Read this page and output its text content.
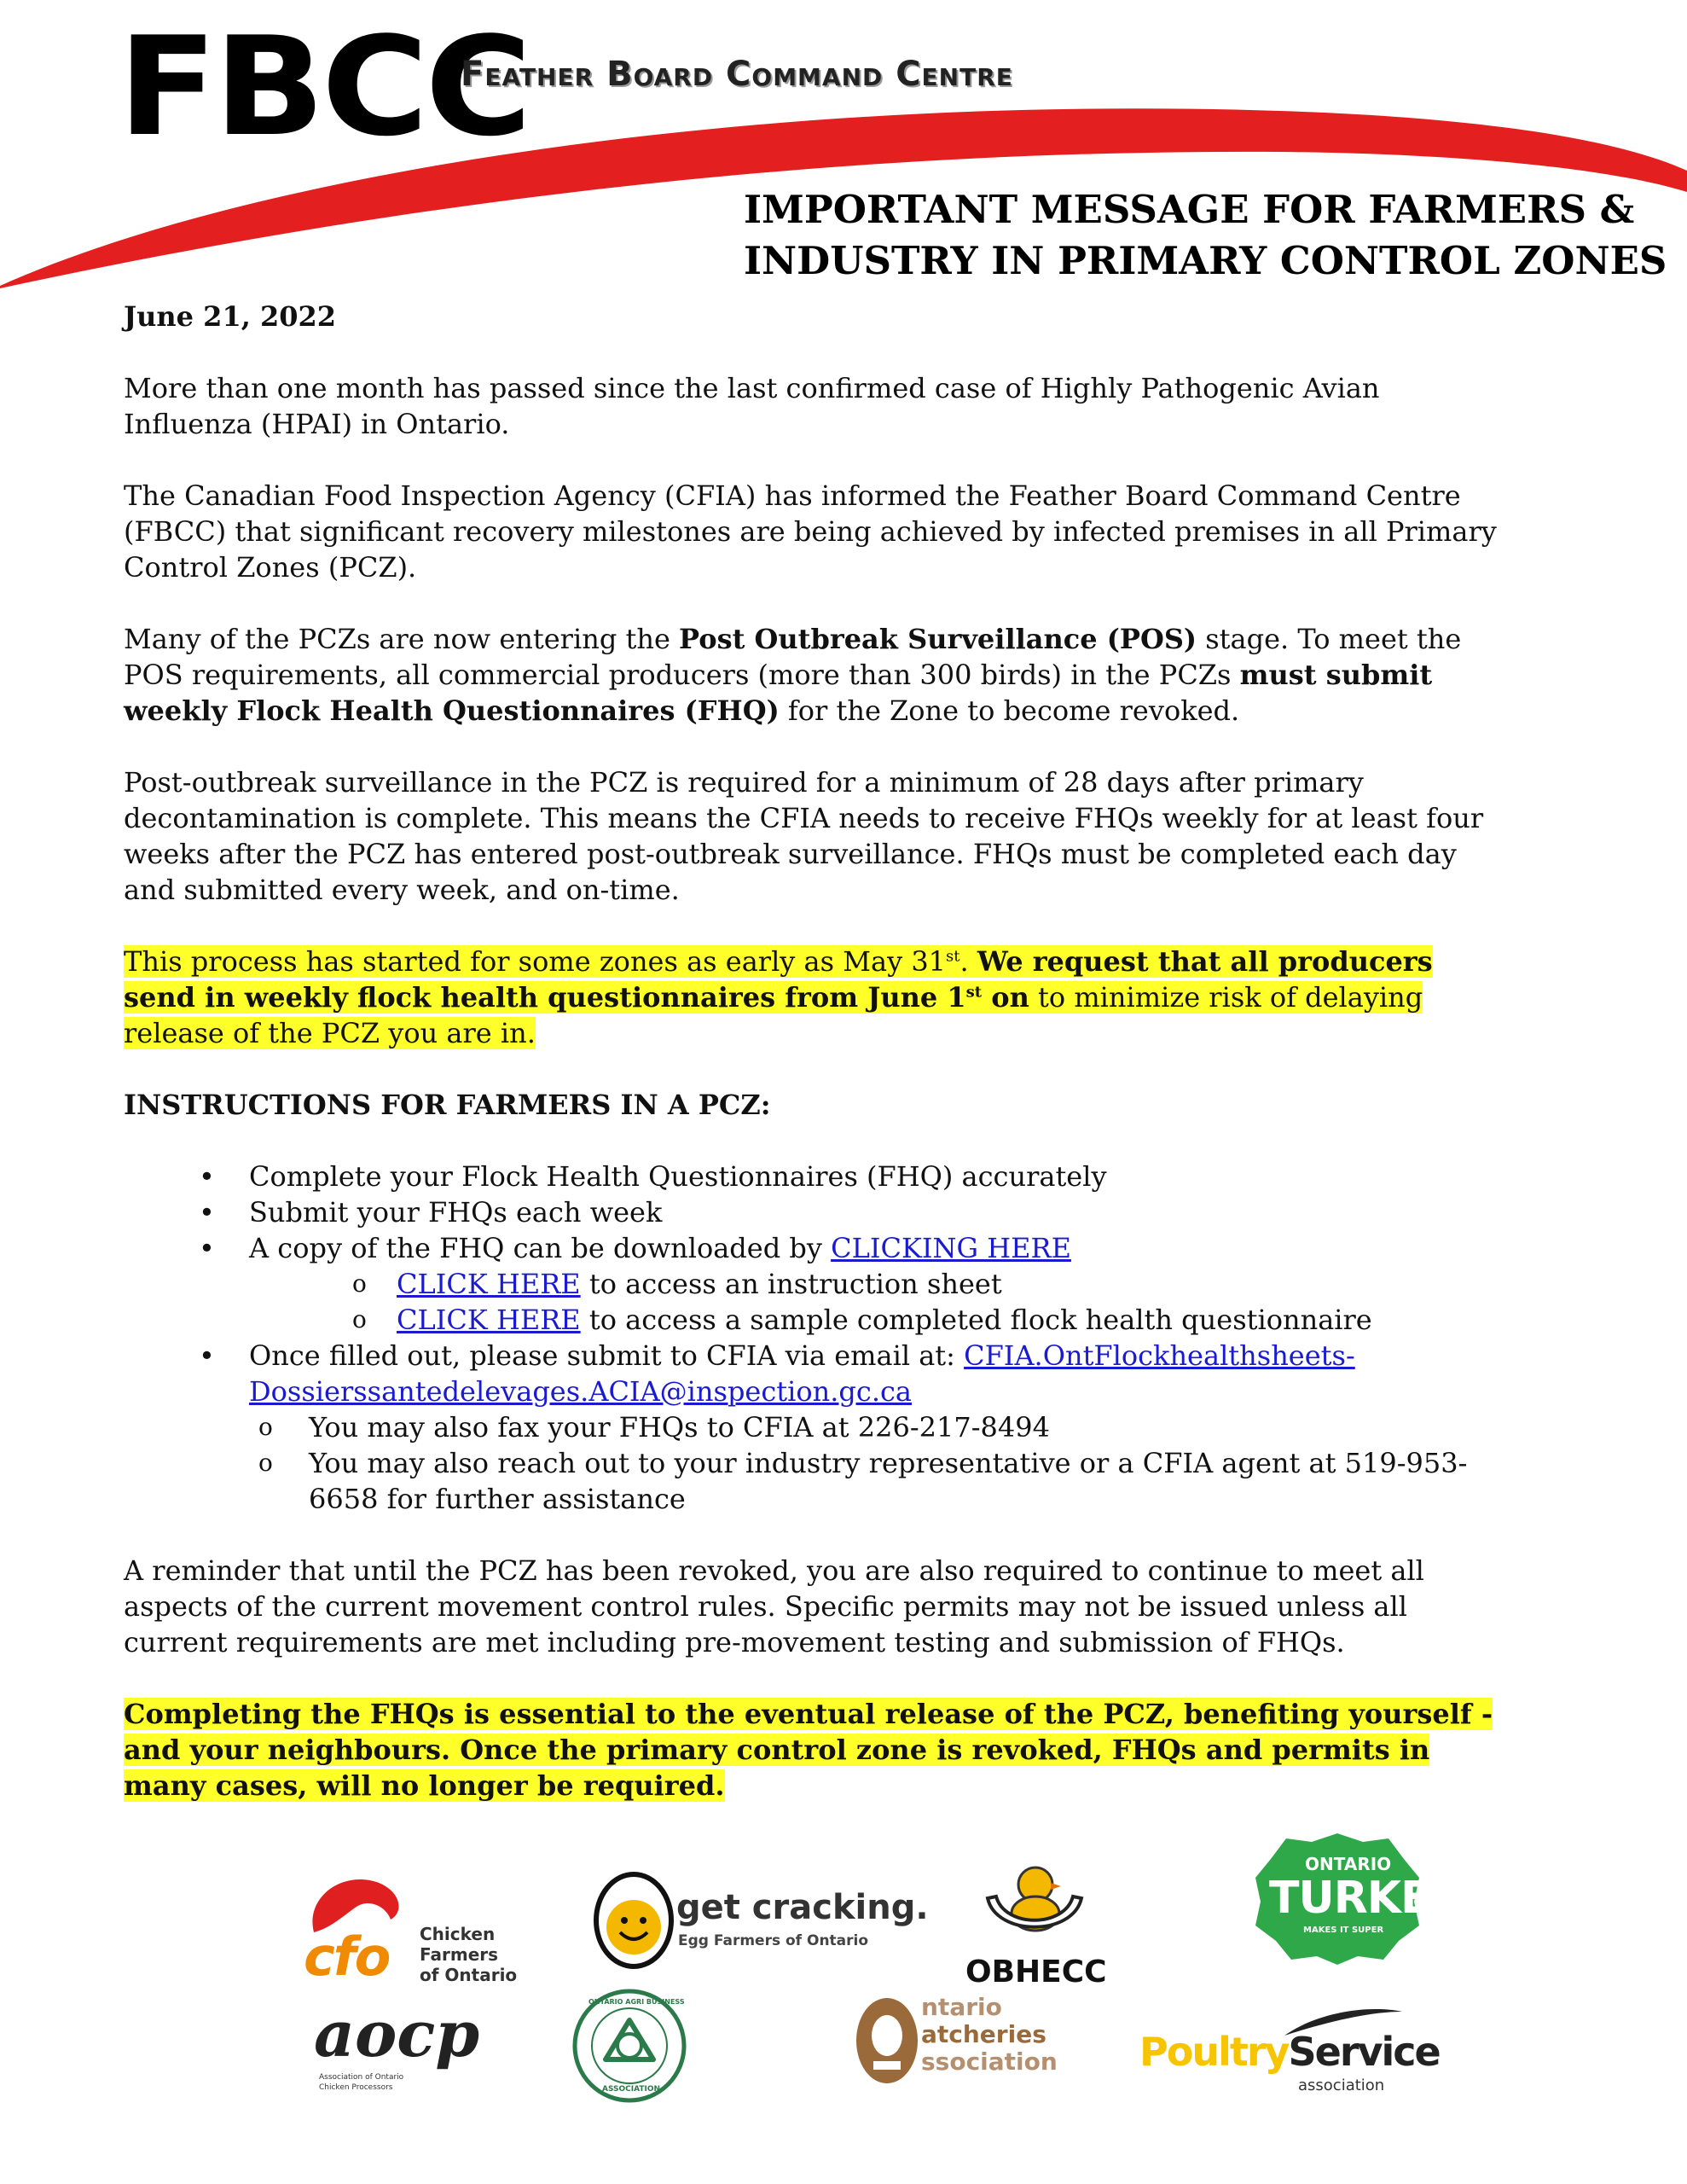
FBCC
Feather Board Command Centre
IMPORTANT MESSAGE FOR FARMERS &
INDUSTRY IN PRIMARY CONTROL ZONES

June 21, 2022

More than one month has passed since the last confirmed case of Highly Pathogenic Avian Influenza (HPAI) in Ontario.

The Canadian Food Inspection Agency (CFIA) has informed the Feather Board Command Centre (FBCC) that significant recovery milestones are being achieved by infected premises in all Primary Control Zones (PCZ).

Many of the PCZs are now entering the Post Outbreak Surveillance (POS) stage. To meet the POS requirements, all commercial producers (more than 300 birds) in the PCZs must submit weekly Flock Health Questionnaires (FHQ) for the Zone to become revoked.

Post-outbreak surveillance in the PCZ is required for a minimum of 28 days after primary decontamination is complete. This means the CFIA needs to receive FHQs weekly for at least four weeks after the PCZ has entered post-outbreak surveillance. FHQs must be completed each day and submitted every week, and on-time.

This process has started for some zones as early as May 31st. We request that all producers send in weekly flock health questionnaires from June 1st on to minimize risk of delaying release of the PCZ you are in.

INSTRUCTIONS FOR FARMERS IN A PCZ:

• Complete your Flock Health Questionnaires (FHQ) accurately
• Submit your FHQs each week
• A copy of the FHQ can be downloaded by CLICKING HERE
o CLICK HERE to access an instruction sheet
o CLICK HERE to access a sample completed flock health questionnaire
• Once filled out, please submit to CFIA via email at: CFIA.OntFlockhealthsheets-Dossierssantedelevages.ACIA@inspection.gc.ca
o You may also fax your FHQs to CFIA at 226-217-8494
o You may also reach out to your industry representative or a CFIA agent at 519-953-6658 for further assistance

A reminder that until the PCZ has been revoked, you are also required to continue to meet all aspects of the current movement control rules. Specific permits may not be issued unless all current requirements are met including pre-movement testing and submission of FHQs.

Completing the FHQs is essential to the eventual release of the PCZ, benefiting yourself - and your neighbours. Once the primary control zone is revoked, FHQs and permits in many cases, will no longer be required.

cfo Chicken
Farmers
of Ontario
get cracking.
Egg Farmers of Ontario
OBHECC
ONTARIO
TURKEY
MAKES IT SUPER
aocp
Association of Ontario
Chicken Processors
ONTARIO AGRI BUSINESS
ASSOCIATION
ntario
atcheries
ssociation PoultryService
association
